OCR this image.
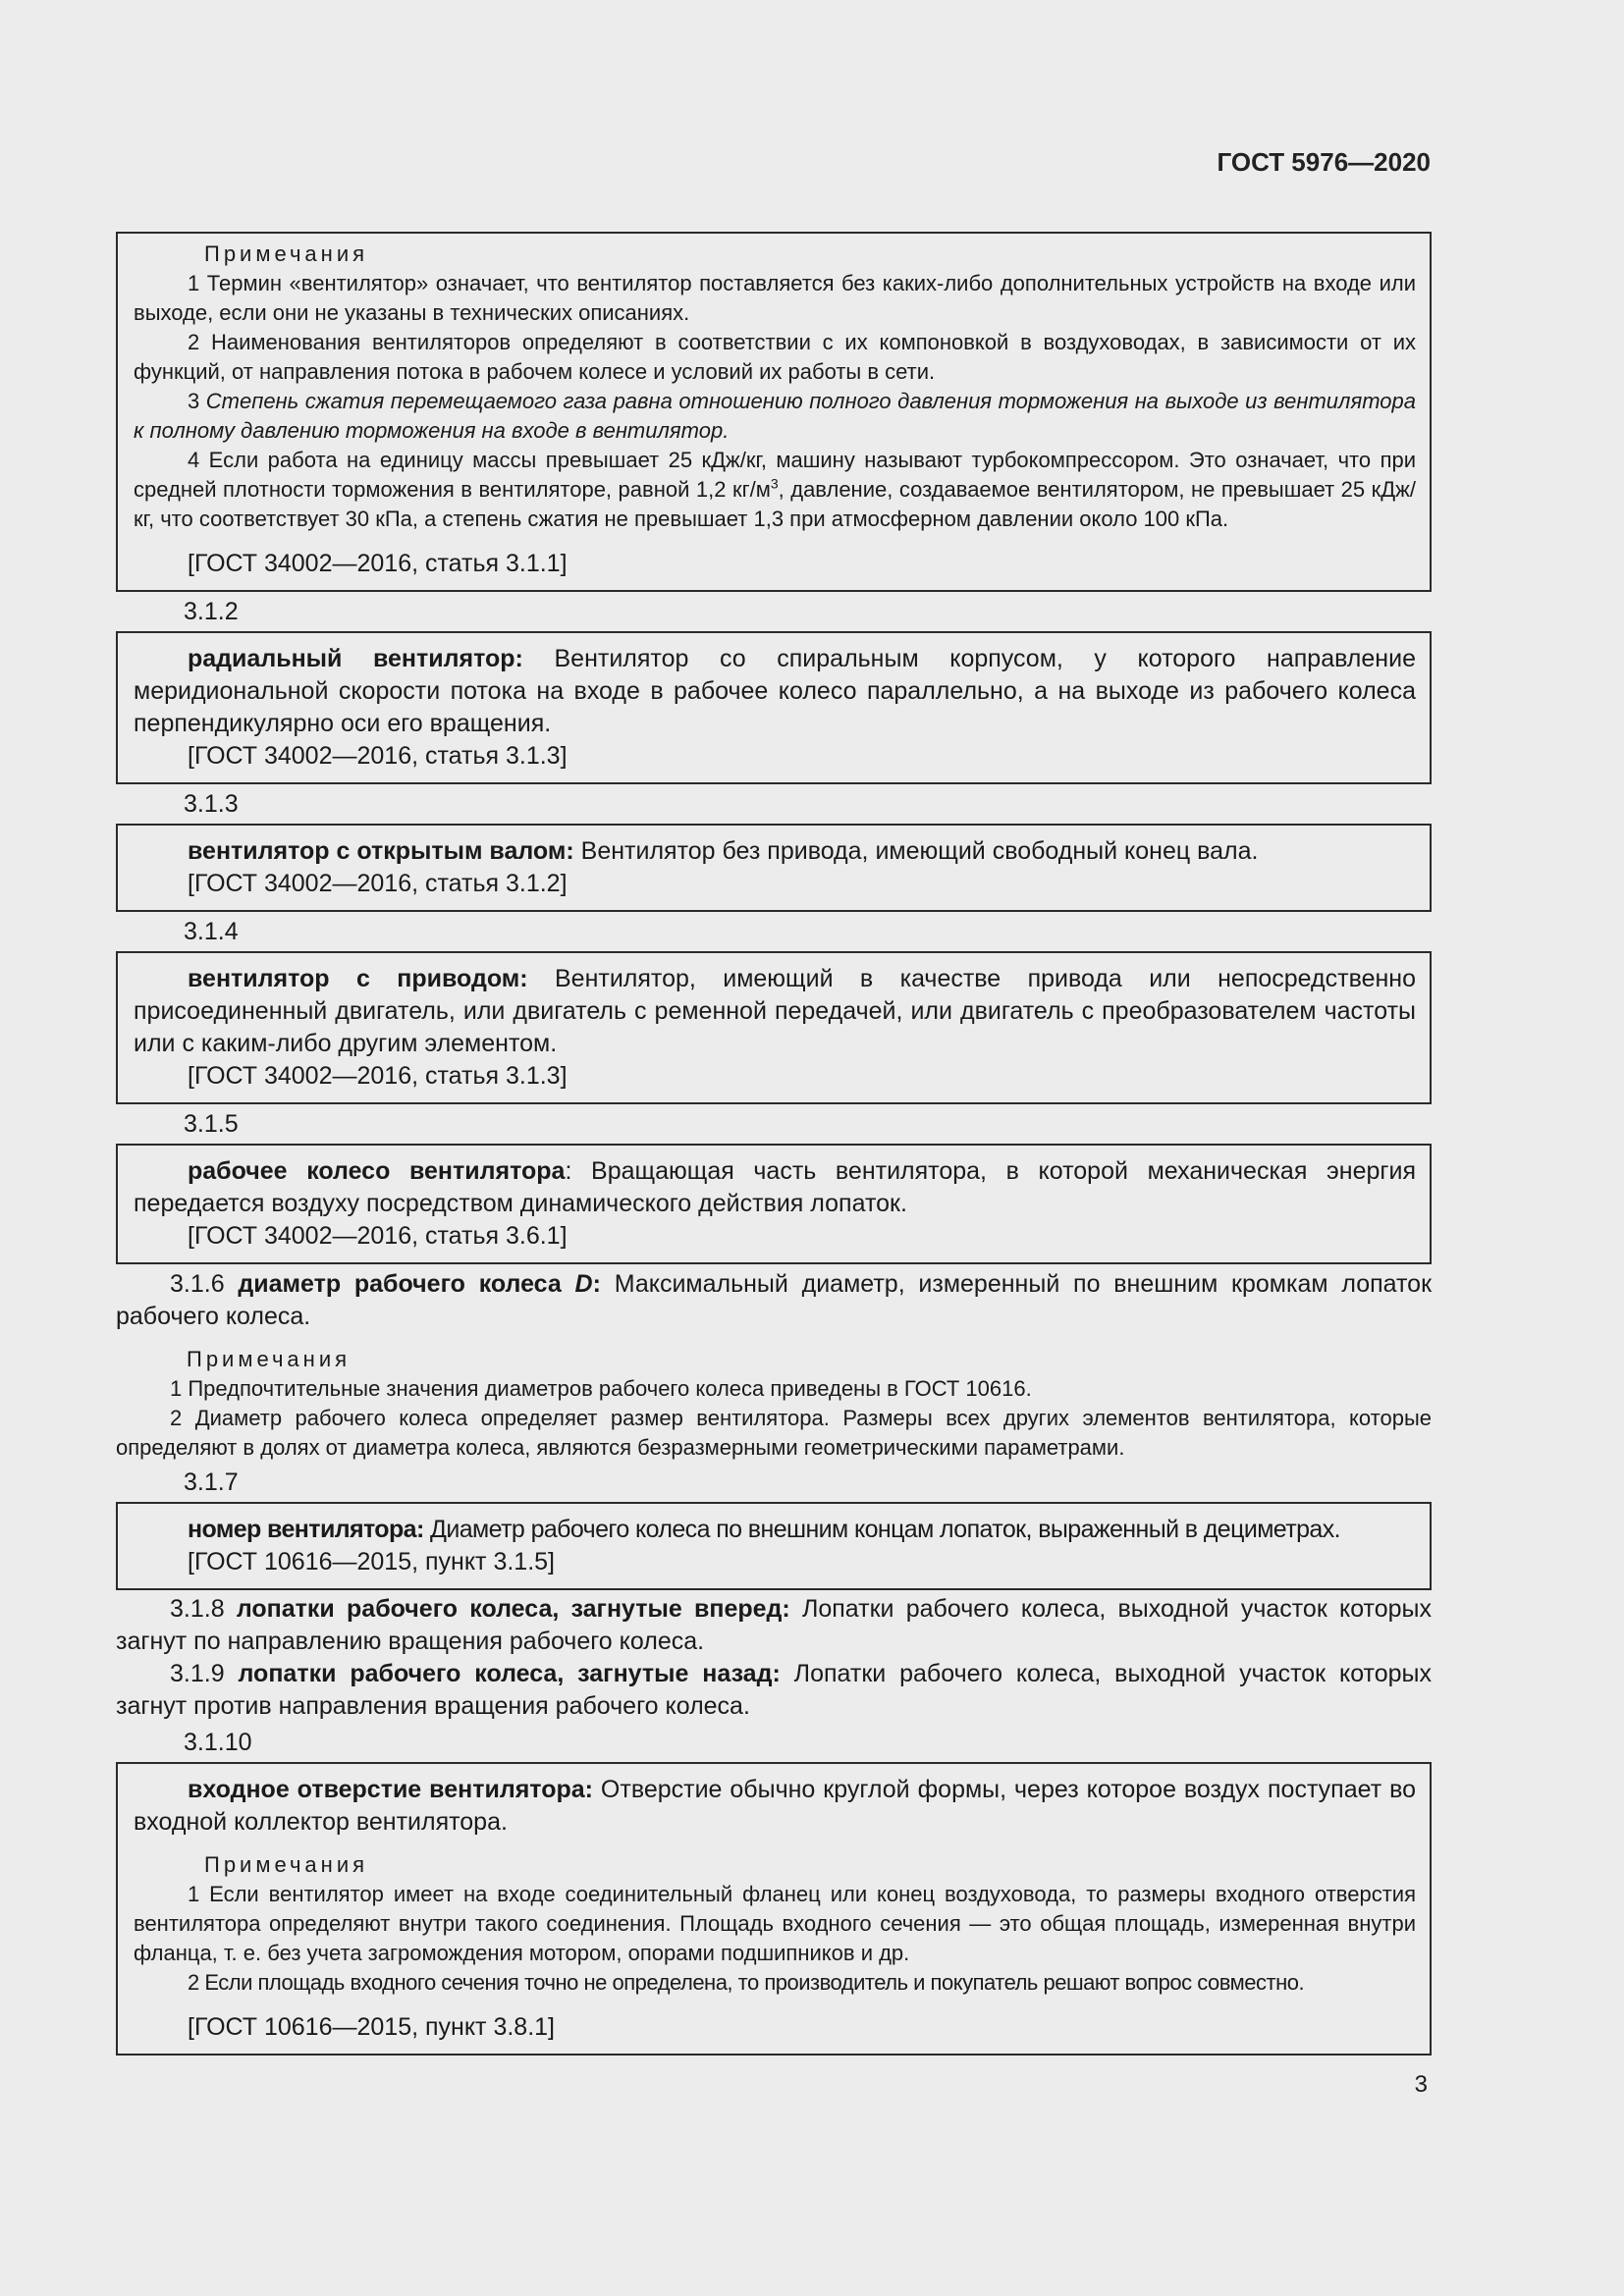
ГОСТ 5976—2020

Примечания

1 Термин «вентилятор» означает, что вентилятор поставляется без каких-либо дополнительных устройств на входе или выходе, если они не указаны в технических описаниях.

2 Наименования вентиляторов определяют в соответствии с их компоновкой в воздуховодах, в зависимости от их функций, от направления потока в рабочем колесе и условий их работы в сети.

3 Степень сжатия перемещаемого газа равна отношению полного давления торможения на выходе из вентилятора к полному давлению торможения на входе в вентилятор.

4 Если работа на единицу массы превышает 25 кДж/кг, машину называют турбокомпрессором. Это означает, что при средней плотности торможения в вентиляторе, равной 1,2 $кг/м^3$, давление, создаваемое вентилятором, не превышает 25 кДж/кг, что соответствует 30 кПа, а степень сжатия не превышает 1,3 при атмосферном давлении около 100 кПа.

[ГОСТ 34002—2016, статья 3.1.1]

3.1.2

радиальный вентилятор: Вентилятор со спиральным корпусом, у которого направление меридиональной скорости потока на входе в рабочее колесо параллельно, а на выходе из рабочего колеса перпендикулярно оси его вращения.

[ГОСТ 34002—2016, статья 3.1.3]

3.1.3

вентилятор с открытым валом: Вентилятор без привода, имеющий свободный конец вала.

[ГОСТ 34002—2016, статья 3.1.2]

3.1.4

вентилятор с приводом: Вентилятор, имеющий в качестве привода или непосредственно присоединенный двигатель, или двигатель с ременной передачей, или двигатель с преобразователем частоты или с каким-либо другим элементом.

[ГОСТ 34002—2016, статья 3.1.3]

3.1.5

рабочее колесо вентилятора: Вращающая часть вентилятора, в которой механическая энергия передается воздуху посредством динамического действия лопаток.

[ГОСТ 34002—2016, статья 3.6.1]

3.1.6 диаметр рабочего колеса D: Максимальный диаметр, измеренный по внешним кромкам лопаток рабочего колеса.

Примечания

1 Предпочтительные значения диаметров рабочего колеса приведены в ГОСТ 10616.

2 Диаметр рабочего колеса определяет размер вентилятора. Размеры всех других элементов вентилятора, которые определяют в долях от диаметра колеса, являются безразмерными геометрическими параметрами.

3.1.7

номер вентилятора: Диаметр рабочего колеса по внешним концам лопаток, выраженный в дециметрах.

[ГОСТ 10616—2015, пункт 3.1.5]

3.1.8 лопатки рабочего колеса, загнутые вперед: Лопатки рабочего колеса, выходной участок которых загнут по направлению вращения рабочего колеса.

3.1.9 лопатки рабочего колеса, загнутые назад: Лопатки рабочего колеса, выходной участок которых загнут против направления вращения рабочего колеса.

3.1.10

входное отверстие вентилятора: Отверстие обычно круглой формы, через которое воздух поступает во входной коллектор вентилятора.

Примечания

1 Если вентилятор имеет на входе соединительный фланец или конец воздуховода, то размеры входного отверстия вентилятора определяют внутри такого соединения. Площадь входного сечения — это общая площадь, измеренная внутри фланца, т. е. без учета загромождения мотором, опорами подшипников и др.

2 Если площадь входного сечения точно не определена, то производитель и покупатель решают вопрос совместно.

[ГОСТ 10616—2015, пункт 3.8.1]

3
